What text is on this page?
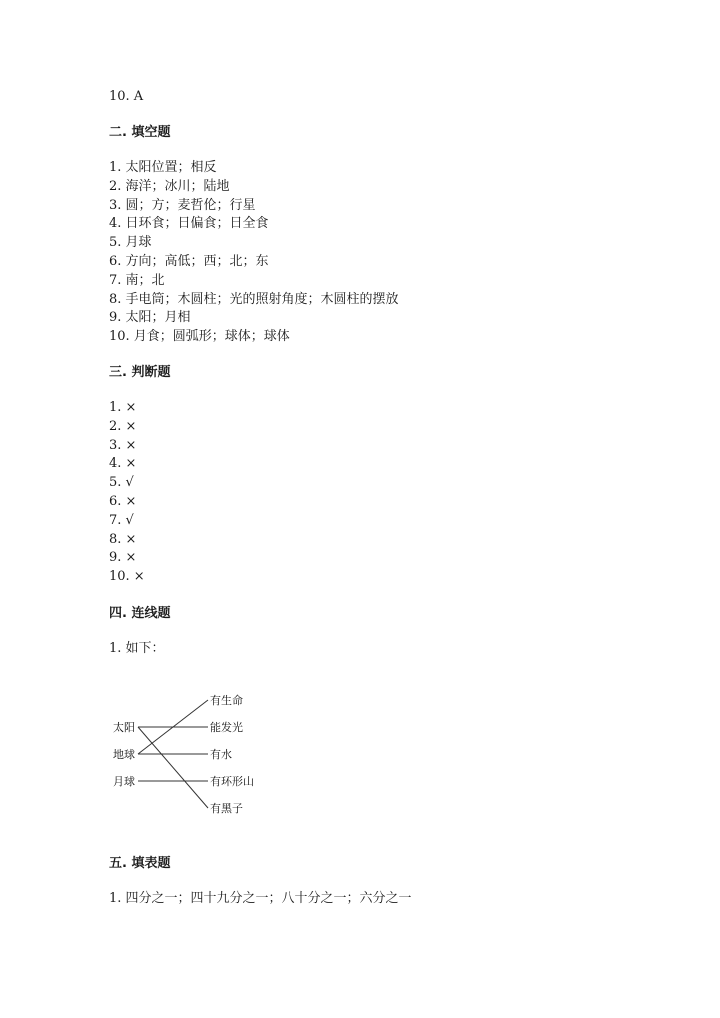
10. A
二. 填空题
1. 太阳位置；相反
2. 海洋；冰川；陆地
3. 圆；方；麦哲伦；行星
4. 日环食；日偏食；日全食
5. 月球
6. 方向；高低；西；北；东
7. 南；北
8. 手电筒；木圆柱；光的照射角度；木圆柱的摆放
9. 太阳；月相
10. 月食；圆弧形；球体；球体
三. 判断题
1. ×
2. ×
3. ×
4. ×
5. √
6. ×
7. √
8. ×
9. ×
10. ×
四. 连线题
1. 如下：
太阳
地球
月球
有生命
能发光
有水
有环形山
有黑子
五. 填表题
1. 四分之一；四十九分之一；八十分之一；六分之一
